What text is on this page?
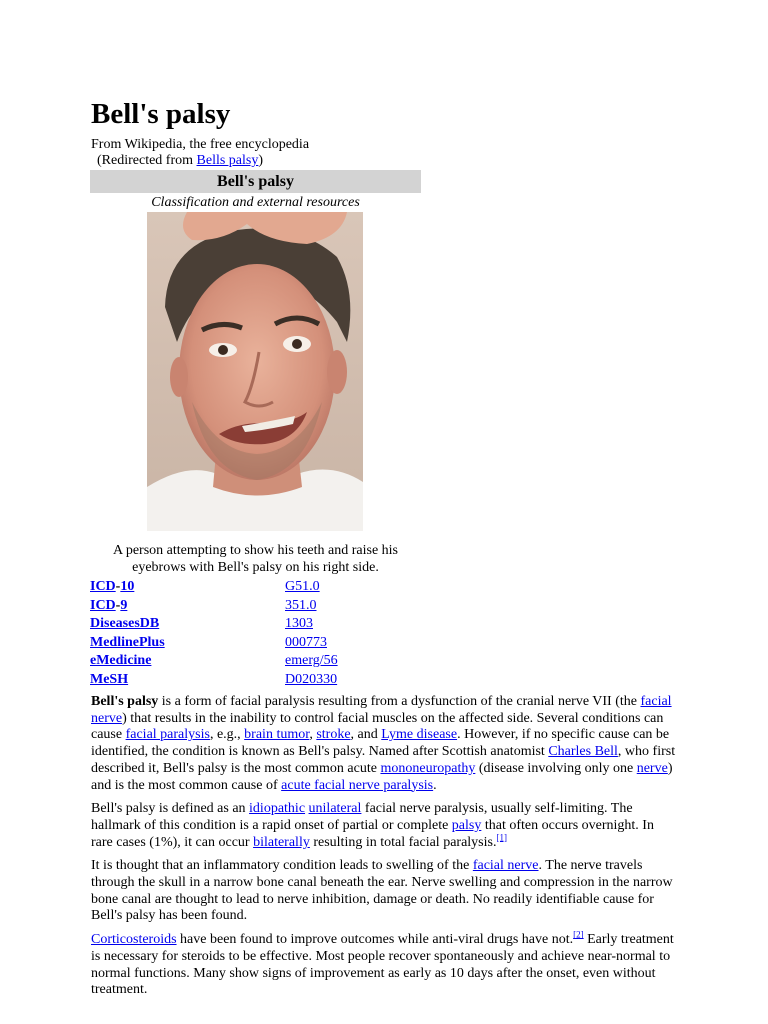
Bell's palsy
From Wikipedia, the free encyclopedia
(Redirected from Bells palsy)
Bell's palsy
Classification and external resources
A person attempting to show his teeth and raise his eyebrows with Bell's palsy on his right side.
ICD-10	G51.0
ICD-9	351.0
DiseasesDB	1303
MedlinePlus	000773
eMedicine	emerg/56
MeSH	D020330

Bell's palsy is a form of facial paralysis resulting from a dysfunction of the cranial nerve VII (the facial nerve) that results in the inability to control facial muscles on the affected side. Several conditions can cause facial paralysis, e.g., brain tumor, stroke, and Lyme disease. However, if no specific cause can be identified, the condition is known as Bell's palsy. Named after Scottish anatomist Charles Bell, who first described it, Bell's palsy is the most common acute mononeuropathy (disease involving only one nerve) and is the most common cause of acute facial nerve paralysis.

Bell's palsy is defined as an idiopathic unilateral facial nerve paralysis, usually self-limiting. The hallmark of this condition is a rapid onset of partial or complete palsy that often occurs overnight. In rare cases (1%), it can occur bilaterally resulting in total facial paralysis.[1]

It is thought that an inflammatory condition leads to swelling of the facial nerve. The nerve travels through the skull in a narrow bone canal beneath the ear. Nerve swelling and compression in the narrow bone canal are thought to lead to nerve inhibition, damage or death. No readily identifiable cause for Bell's palsy has been found.

Corticosteroids have been found to improve outcomes while anti-viral drugs have not.[2] Early treatment is necessary for steroids to be effective. Most people recover spontaneously and achieve near-normal to normal functions. Many show signs of improvement as early as 10 days after the onset, even without treatment.
